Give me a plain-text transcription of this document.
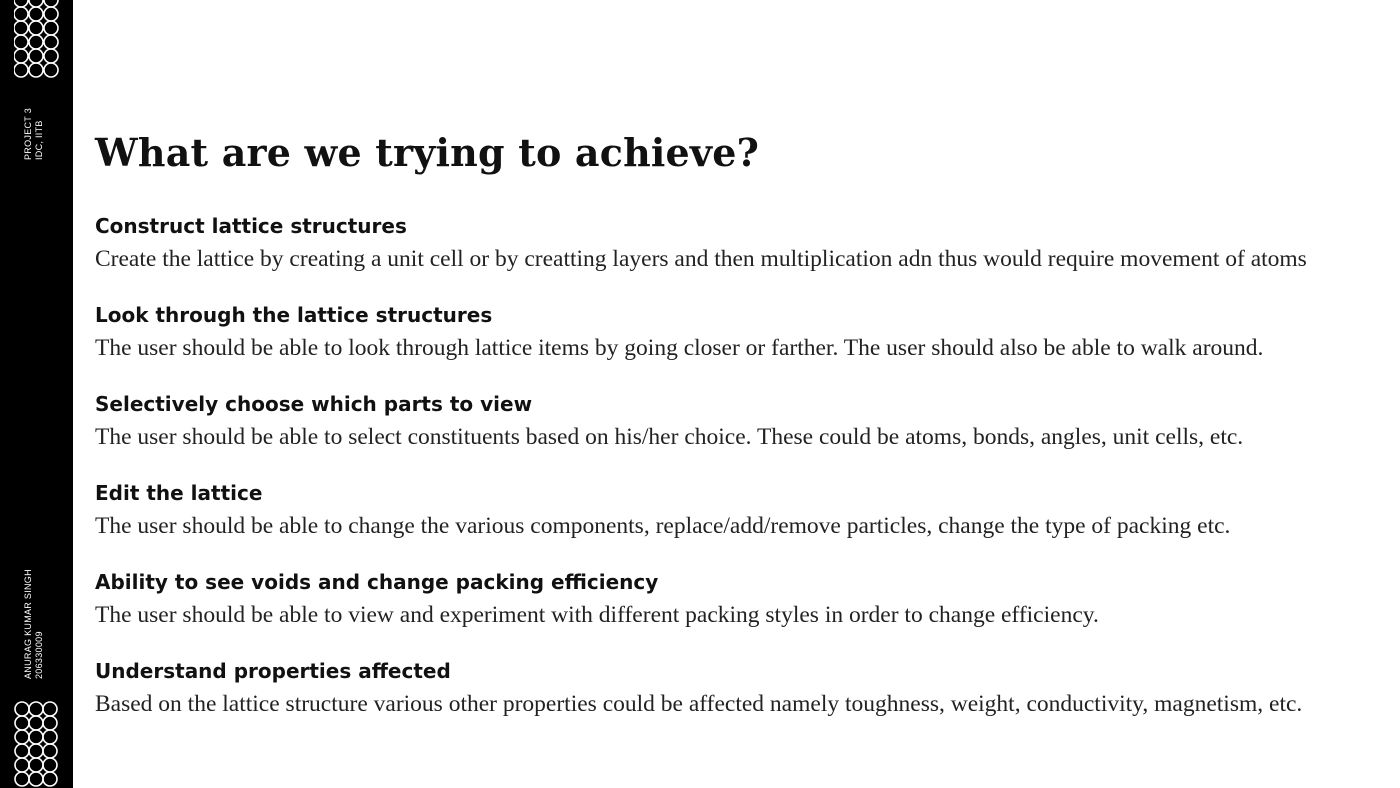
PROJECT 3 IDC, IITB
ANURAG KUMAR SINGH 206330009
What are we trying to achieve?
Construct lattice structures

Create the lattice by creating a unit cell or by creatting layers and then multiplication adn thus would require movement of atoms

Look through the lattice structures

The user should be able to look through lattice items by going closer or farther. The user should also be able to walk around.

Selectively choose which parts to view

The user should be able to select constituents based on his/her choice. These could be atoms, bonds, angles, unit cells, etc.

Edit the lattice

The user should be able to change the various components, replace/add/remove particles, change the type of packing etc.

Ability to see voids and change packing efficiency

The user should be able to view and experiment with different packing styles in order to change efficiency.

Understand properties affected

Based on the lattice structure various other properties could be affected namely toughness, weight, conductivity, magnetism, etc.
